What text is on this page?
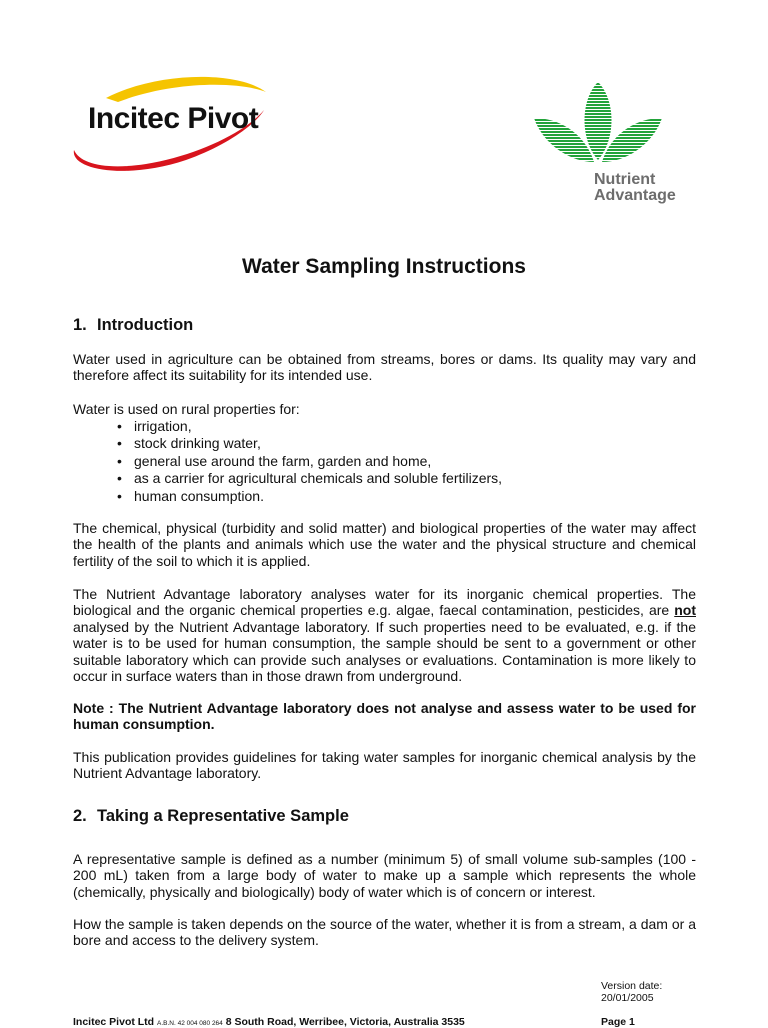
Incitec Pivot
Nutrient
Advantage
Water Sampling Instructions
1. Introduction
Water used in agriculture can be obtained from streams, bores or dams. Its quality may vary and therefore affect its suitability for its intended use.
Water is used on rural properties for:
• irrigation,
• stock drinking water,
• general use around the farm, garden and home,
• as a carrier for agricultural chemicals and soluble fertilizers,
• human consumption.
The chemical, physical (turbidity and solid matter) and biological properties of the water may affect the health of the plants and animals which use the water and the physical structure and chemical fertility of the soil to which it is applied.
The Nutrient Advantage laboratory analyses water for its inorganic chemical properties. The biological and the organic chemical properties e.g. algae, faecal contamination, pesticides, are not analysed by the Nutrient Advantage laboratory. If such properties need to be evaluated, e.g. if the water is to be used for human consumption, the sample should be sent to a government or other suitable laboratory which can provide such analyses or evaluations. Contamination is more likely to occur in surface waters than in those drawn from underground.
Note : The Nutrient Advantage laboratory does not analyse and assess water to be used for human consumption.
This publication provides guidelines for taking water samples for inorganic chemical analysis by the Nutrient Advantage laboratory.
2. Taking a Representative Sample
A representative sample is defined as a number (minimum 5) of small volume sub-samples (100 - 200 mL) taken from a large body of water to make up a sample which represents the whole (chemically, physically and biologically) body of water which is of concern or interest.
How the sample is taken depends on the source of the water, whether it is from a stream, a dam or a bore and access to the delivery system.
Version date:
20/01/2005
Incitec Pivot Ltd A.B.N. 42 004 080 264 8 South Road, Werribee, Victoria, Australia 3535	Page 1
